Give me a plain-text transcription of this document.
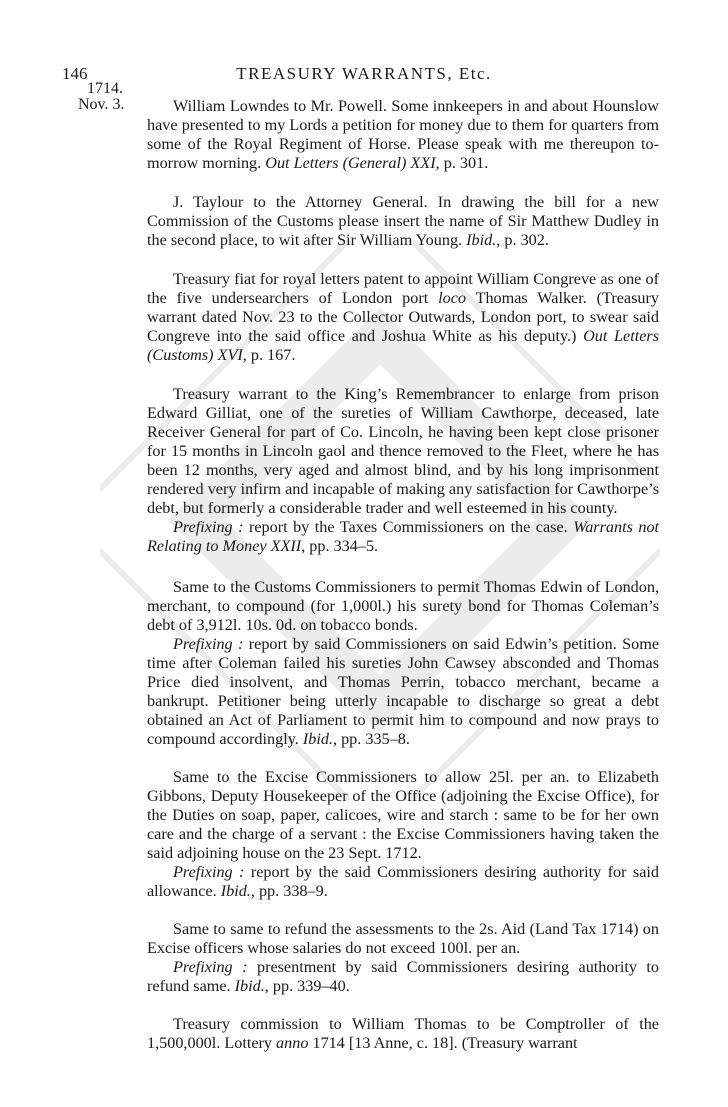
146	TREASURY WARRANTS, Etc.
1714.
Nov. 3.	William Lowndes to Mr. Powell. Some innkeepers in and about Hounslow have presented to my Lords a petition for money due to them for quarters from some of the Royal Regiment of Horse. Please speak with me thereupon to-morrow morning. Out Letters (General) XXI, p. 301.

J. Taylour to the Attorney General. In drawing the bill for a new Commission of the Customs please insert the name of Sir Matthew Dudley in the second place, to wit after Sir William Young. Ibid., p. 302.

Treasury fiat for royal letters patent to appoint William Congreve as one of the five undersearchers of London port loco Thomas Walker. (Treasury warrant dated Nov. 23 to the Collector Outwards, London port, to swear said Congreve into the said office and Joshua White as his deputy.) Out Letters (Customs) XVI, p. 167.

Treasury warrant to the King’s Remembrancer to enlarge from prison Edward Gilliat, one of the sureties of William Cawthorpe, deceased, late Receiver General for part of Co. Lincoln, he having been kept close prisoner for 15 months in Lincoln gaol and thence removed to the Fleet, where he has been 12 months, very aged and almost blind, and by his long imprisonment rendered very infirm and incapable of making any satisfaction for Cawthorpe’s debt, but formerly a considerable trader and well esteemed in his county.

Prefixing : report by the Taxes Commissioners on the case. Warrants not Relating to Money XXII, pp. 334–5.

Same to the Customs Commissioners to permit Thomas Edwin of London, merchant, to compound (for 1,000l.) his surety bond for Thomas Coleman’s debt of 3,912l. 10s. 0d. on tobacco bonds.

Prefixing : report by said Commissioners on said Edwin’s petition. Some time after Coleman failed his sureties John Cawsey absconded and Thomas Price died insolvent, and Thomas Perrin, tobacco merchant, became a bankrupt. Petitioner being utterly incapable to discharge so great a debt obtained an Act of Parliament to permit him to compound and now prays to compound accordingly. Ibid., pp. 335–8.

Same to the Excise Commissioners to allow 25l. per an. to Elizabeth Gibbons, Deputy Housekeeper of the Office (adjoining the Excise Office), for the Duties on soap, paper, calicoes, wire and starch : same to be for her own care and the charge of a servant : the Excise Commissioners having taken the said adjoining house on the 23 Sept. 1712.

Prefixing : report by the said Commissioners desiring authority for said allowance. Ibid., pp. 338–9.

Same to same to refund the assessments to the 2s. Aid (Land Tax 1714) on Excise officers whose salaries do not exceed 100l. per an.

Prefixing : presentment by said Commissioners desiring authority to refund same. Ibid., pp. 339–40.

Treasury commission to William Thomas to be Comptroller of the 1,500,000l. Lottery anno 1714 [13 Anne, c. 18]. (Treasury warrant
